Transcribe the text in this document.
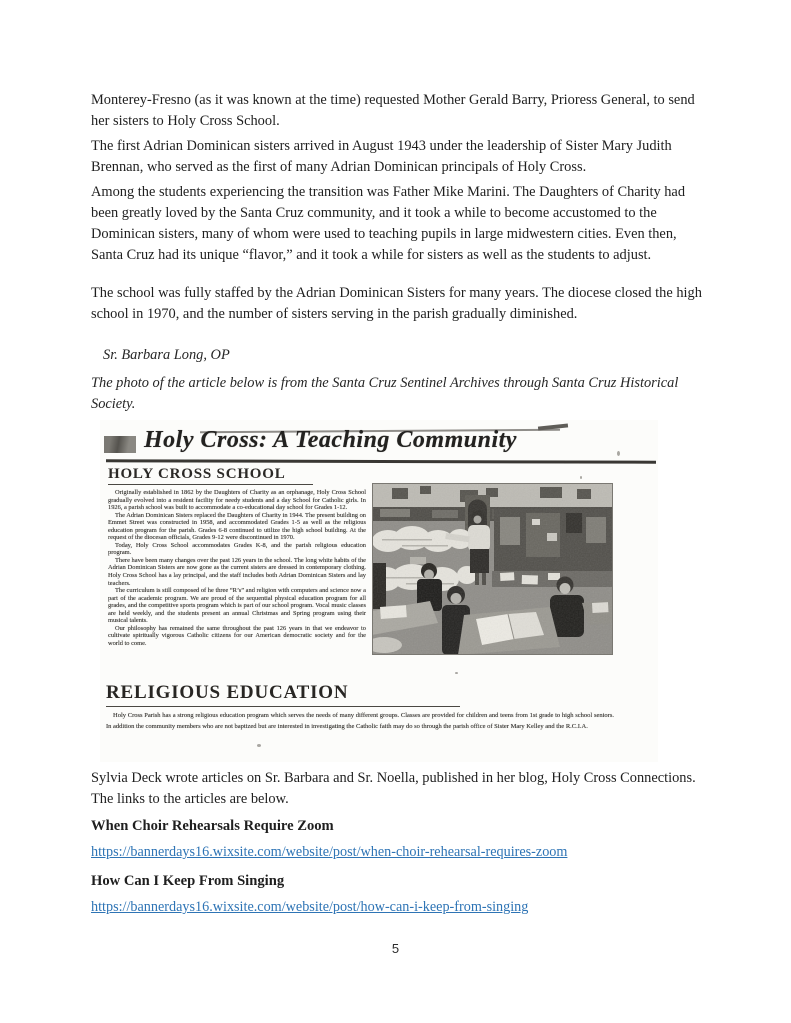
Monterey-Fresno (as it was known at the time) requested Mother Gerald Barry, Prioress General, to send her sisters to Holy Cross School.
The first Adrian Dominican sisters arrived in August 1943 under the leadership of Sister Mary Judith Brennan, who served as the first of many Adrian Dominican principals of Holy Cross.
Among the students experiencing the transition was Father Mike Marini. The Daughters of Charity had been greatly loved by the Santa Cruz community, and it took a while to become accustomed to the Dominican sisters, many of whom were used to teaching pupils in large midwestern cities. Even then, Santa Cruz had its unique “flavor,” and it took a while for sisters as well as the students to adjust.
The school was fully staffed by the Adrian Dominican Sisters for many years. The diocese closed the high school in 1970, and the number of sisters serving in the parish gradually diminished.
Sr. Barbara Long, OP
The photo of the article below is from the Santa Cruz Sentinel Archives through Santa Cruz Historical Society.
Holy Cross: A Teaching Community
HOLY CROSS SCHOOL

Originally established in 1862 by the Daughters of Charity as an orphanage, Holy Cross School gradually evolved into a resident facility for needy students and a day School for Catholic girls. In 1926, a parish school was built to accommodate a co-educational day school for Grades 1-12.

The Adrian Dominican Sisters replaced the Daughters of Charity in 1944. The present building on Emmet Street was constructed in 1958, and accommodated Grades 1-5 as well as the religious education program for the parish. Grades 6-8 continued to utilize the high school building. At the request of the diocesan officials, Grades 9-12 were discontinued in 1970.

Today, Holy Cross School accommodates Grades K-8, and the parish religious education program.

There have been many changes over the past 126 years in the school. The long white habits of the Adrian Dominican Sisters are now gone as the current sisters are dressed in contemporary clothing. Holy Cross School has a lay principal, and the staff includes both Adrian Dominican Sisters and lay teachers.

The curriculum is still composed of he three “R’s” and religion with computers and science now a part of the academic program. We are proud of the sequential physical education program for all grades, and the competitive sports program which is part of our school program. Vocal music classes are held weekly, and the students present an annual Christmas and Spring program using their musical talents.

Our philosophy has remained the same throughout the past 126 years in that we endeavor to cultivate spiritually vigorous Catholic citizens for our American democratic society and for the world to come.

RELIGIOUS EDUCATION
Holy Cross Parish has a strong religious education program which serves the needs of many different groups. Classes are provided for children and teens from 1st grade to high school seniors. In addition the community members who are not baptized but are interested in investigating the Catholic faith may do so through the parish office of Sister Mary Kelley and the R.C.I.A.
Sylvia Deck wrote articles on Sr. Barbara and Sr. Noella, published in her blog, Holy Cross Connections. The links to the articles are below.
When Choir Rehearsals Require Zoom
https://bannerdays16.wixsite.com/website/post/when-choir-rehearsal-requires-zoom
How Can I Keep From Singing
https://bannerdays16.wixsite.com/website/post/how-can-i-keep-from-singing
5
